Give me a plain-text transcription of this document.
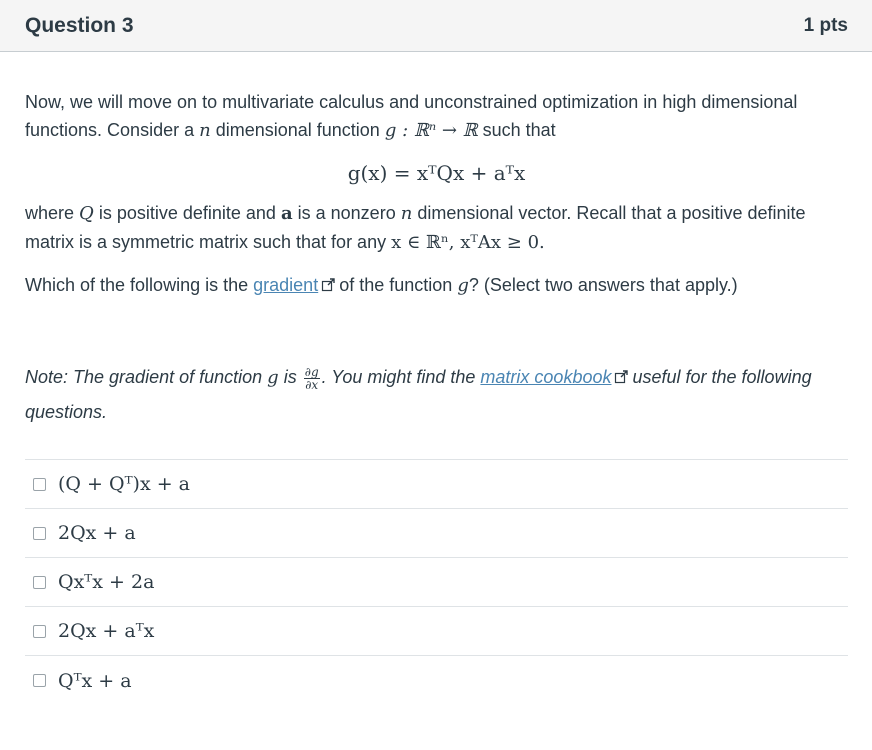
Question 3	1 pts

Now, we will move on to multivariate calculus and unconstrained optimization in high dimensional functions. Consider a n dimensional function g : ℝⁿ → ℝ such that

g(x) = xᵀQx + aᵀx

where Q is positive definite and a is a nonzero n dimensional vector. Recall that a positive definite matrix is a symmetric matrix such that for any x ∈ ℝⁿ, xᵀAx ≥ 0.

Which of the following is the gradient of the function g? (Select two answers that apply.)

Note: The gradient of function g is $\frac{\partial g}{\partial x}$ . You might find the matrix cookbook useful for the following questions.

(Q + Qᵀ)x + a
2Qx + a
Qxᵀx + 2a
2Qx + aᵀx
Qᵀx + a
